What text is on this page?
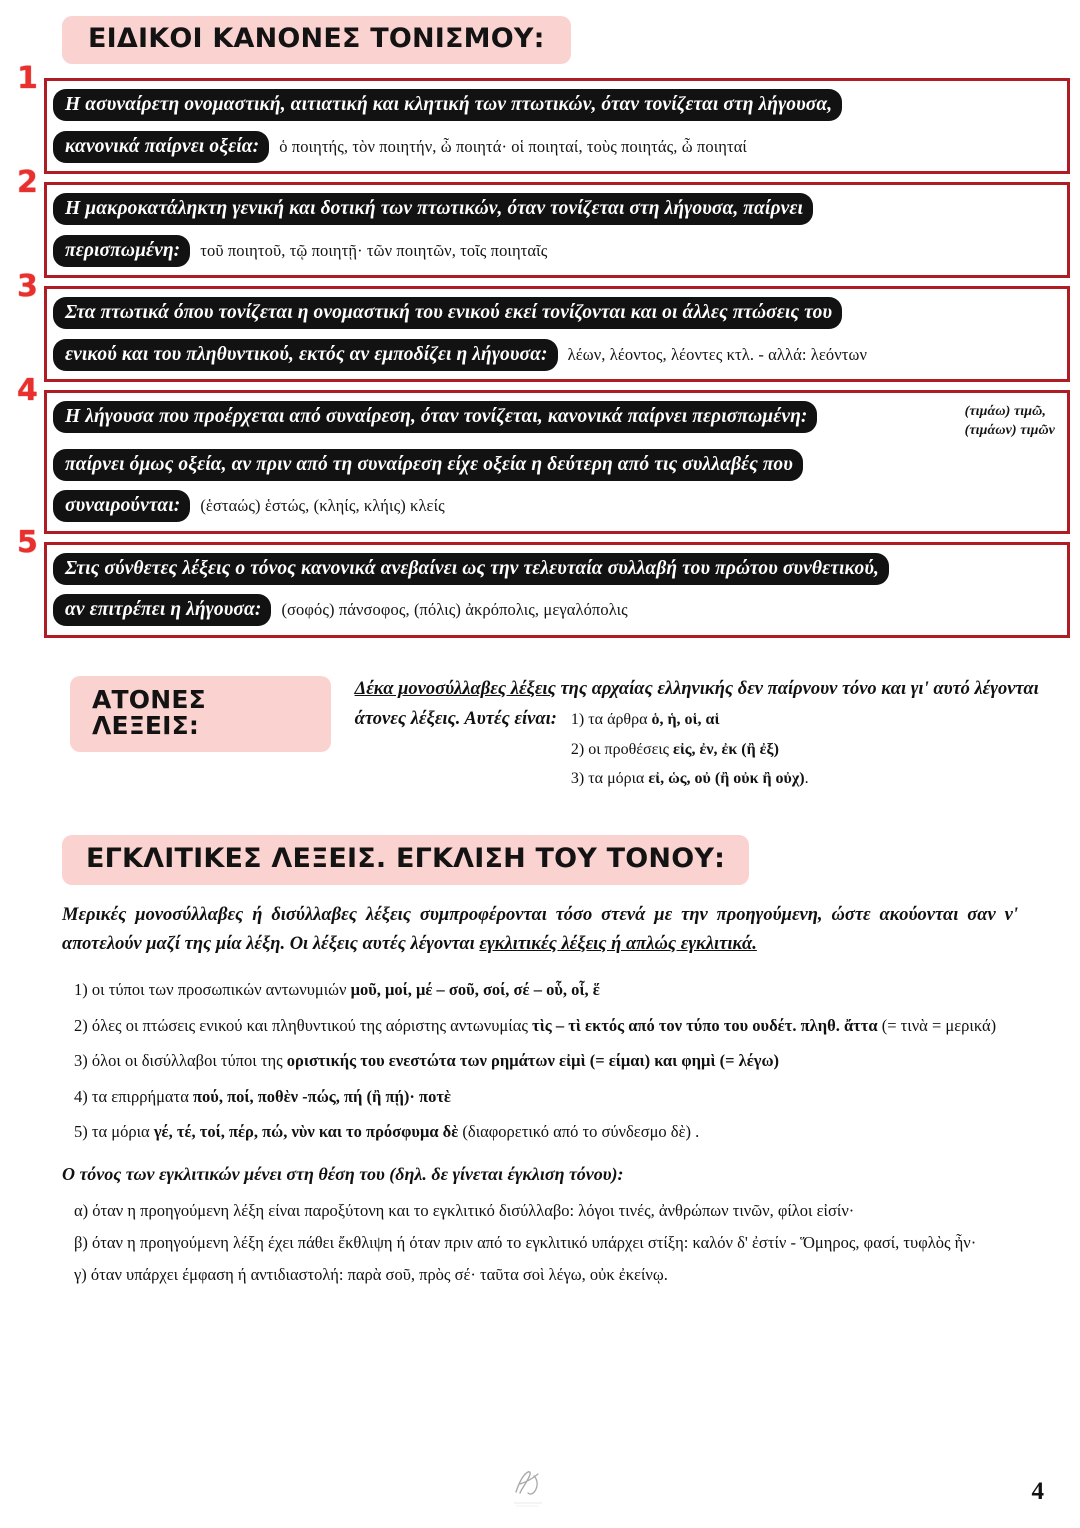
ΕΙΔΙΚΟΙ ΚΑΝΟΝΕΣ ΤΟΝΙΣΜΟΥ:
1
Η ασυναίρετη ονομαστική, αιτιατική και κλητική των πτωτικών, όταν τονίζεται στη λήγουσα,
κανονικά παίρνει οξεία: ὁ ποιητής, τὸν ποιητήν, ὦ ποιητά· οἱ ποιηταί, τοὺς ποιητάς, ὦ ποιηταί
2
Η μακροκατάληκτη γενική και δοτική των πτωτικών, όταν τονίζεται στη λήγουσα, παίρνει
περισπωμένη: τοῦ ποιητοῦ, τῷ ποιητῇ· τῶν ποιητῶν, τοῖς ποιηταῖς
3
Στα πτωτικά όπου τονίζεται η ονομαστική του ενικού εκεί τονίζονται και οι άλλες πτώσεις του
ενικού και του πληθυντικού, εκτός αν εμποδίζει η λήγουσα: λέων, λέοντος, λέοντες κτλ. - αλλά: λεόντων
4
Η λήγουσα που προέρχεται από συναίρεση, όταν τονίζεται, κανονικά παίρνει περισπωμένη:	(τιμάω) τιμῶ,
(τιμάων) τιμῶν
παίρνει όμως οξεία, αν πριν από τη συναίρεση είχε οξεία η δεύτερη από τις συλλαβές που
συναιρούνται: (ἑσταώς) ἑστώς, (κληίς, κλήις) κλείς
5
Στις σύνθετες λέξεις ο τόνος κανονικά ανεβαίνει ως την τελευταία συλλαβή του πρώτου συνθετικού,
αν επιτρέπει η λήγουσα: (σοφός) πάνσοφος, (πόλις) ἀκρόπολις, μεγαλόπολις
ΑΤΟΝΕΣ ΛΕΞΕΙΣ:
Δέκα μονοσύλλαβες λέξεις της αρχαίας ελληνικής δεν παίρνουν τόνο και γι' αυτό λέγονται
άτονες λέξεις. Αυτές είναι: 1) τα άρθρα ὁ, ἡ, οἱ, αἱ
2) οι προθέσεις εἰς, ἐν, ἐκ (ἢ ἐξ)
3) τα μόρια εἰ, ὡς, οὐ (ἢ οὐκ ἢ οὐχ).
ΕΓΚΛΙΤΙΚΕΣ ΛΕΞΕΙΣ. ΕΓΚΛΙΣΗ ΤΟΥ ΤΟΝΟΥ:
Μερικές μονοσύλλαβες ή δισύλλαβες λέξεις συμπροφέρονται τόσο στενά με την προηγούμενη, ώστε ακούονται σαν ν' αποτελούν μαζί της μία λέξη. Οι λέξεις αυτές λέγονται εγκλιτικές λέξεις ή απλώς εγκλιτικά.
1) οι τύποι των προσωπικών αντωνυμιών μοῦ, μοί, μέ – σοῦ, σοί, σέ – οὗ, οἷ, ἕ
2) όλες οι πτώσεις ενικού και πληθυντικού της αόριστης αντωνυμίας τὶς – τὶ εκτός από τον τύπο του ουδέτ. πληθ. ἄττα (= τινὰ = μερικά)
3) όλοι οι δισύλλαβοι τύποι της οριστικής του ενεστώτα των ρημάτων εἰμὶ (= είμαι) και φημὶ (= λέγω)
4) τα επιρρήματα πού, ποί, ποθὲν -πώς, πή (ἢ πῄ)· ποτὲ
5) τα μόρια γέ, τέ, τοί, πέρ, πώ, νὺν και το πρόσφυμα δὲ (διαφορετικό από το σύνδεσμο δὲ) .
Ο τόνος των εγκλιτικών μένει στη θέση του (δηλ. δε γίνεται έγκλιση τόνου):
α) όταν η προηγούμενη λέξη είναι παροξύτονη και το εγκλιτικό δισύλλαβο: λόγοι τινές, ἀνθρώπων τινῶν, φίλοι εἰσίν·
β) όταν η προηγούμενη λέξη έχει πάθει ἔκθλιψη ή όταν πριν από το εγκλιτικό υπάρχει στίξη: καλόν δ' ἐστίν - Ὅμηρος, φασί, τυφλὸς ἦν·
γ) όταν υπάρχει έμφαση ή αντιδιαστολή: παρὰ σοῦ, πρὸς σέ· ταῦτα σοὶ λέγω, οὐκ ἐκείνῳ.
4
